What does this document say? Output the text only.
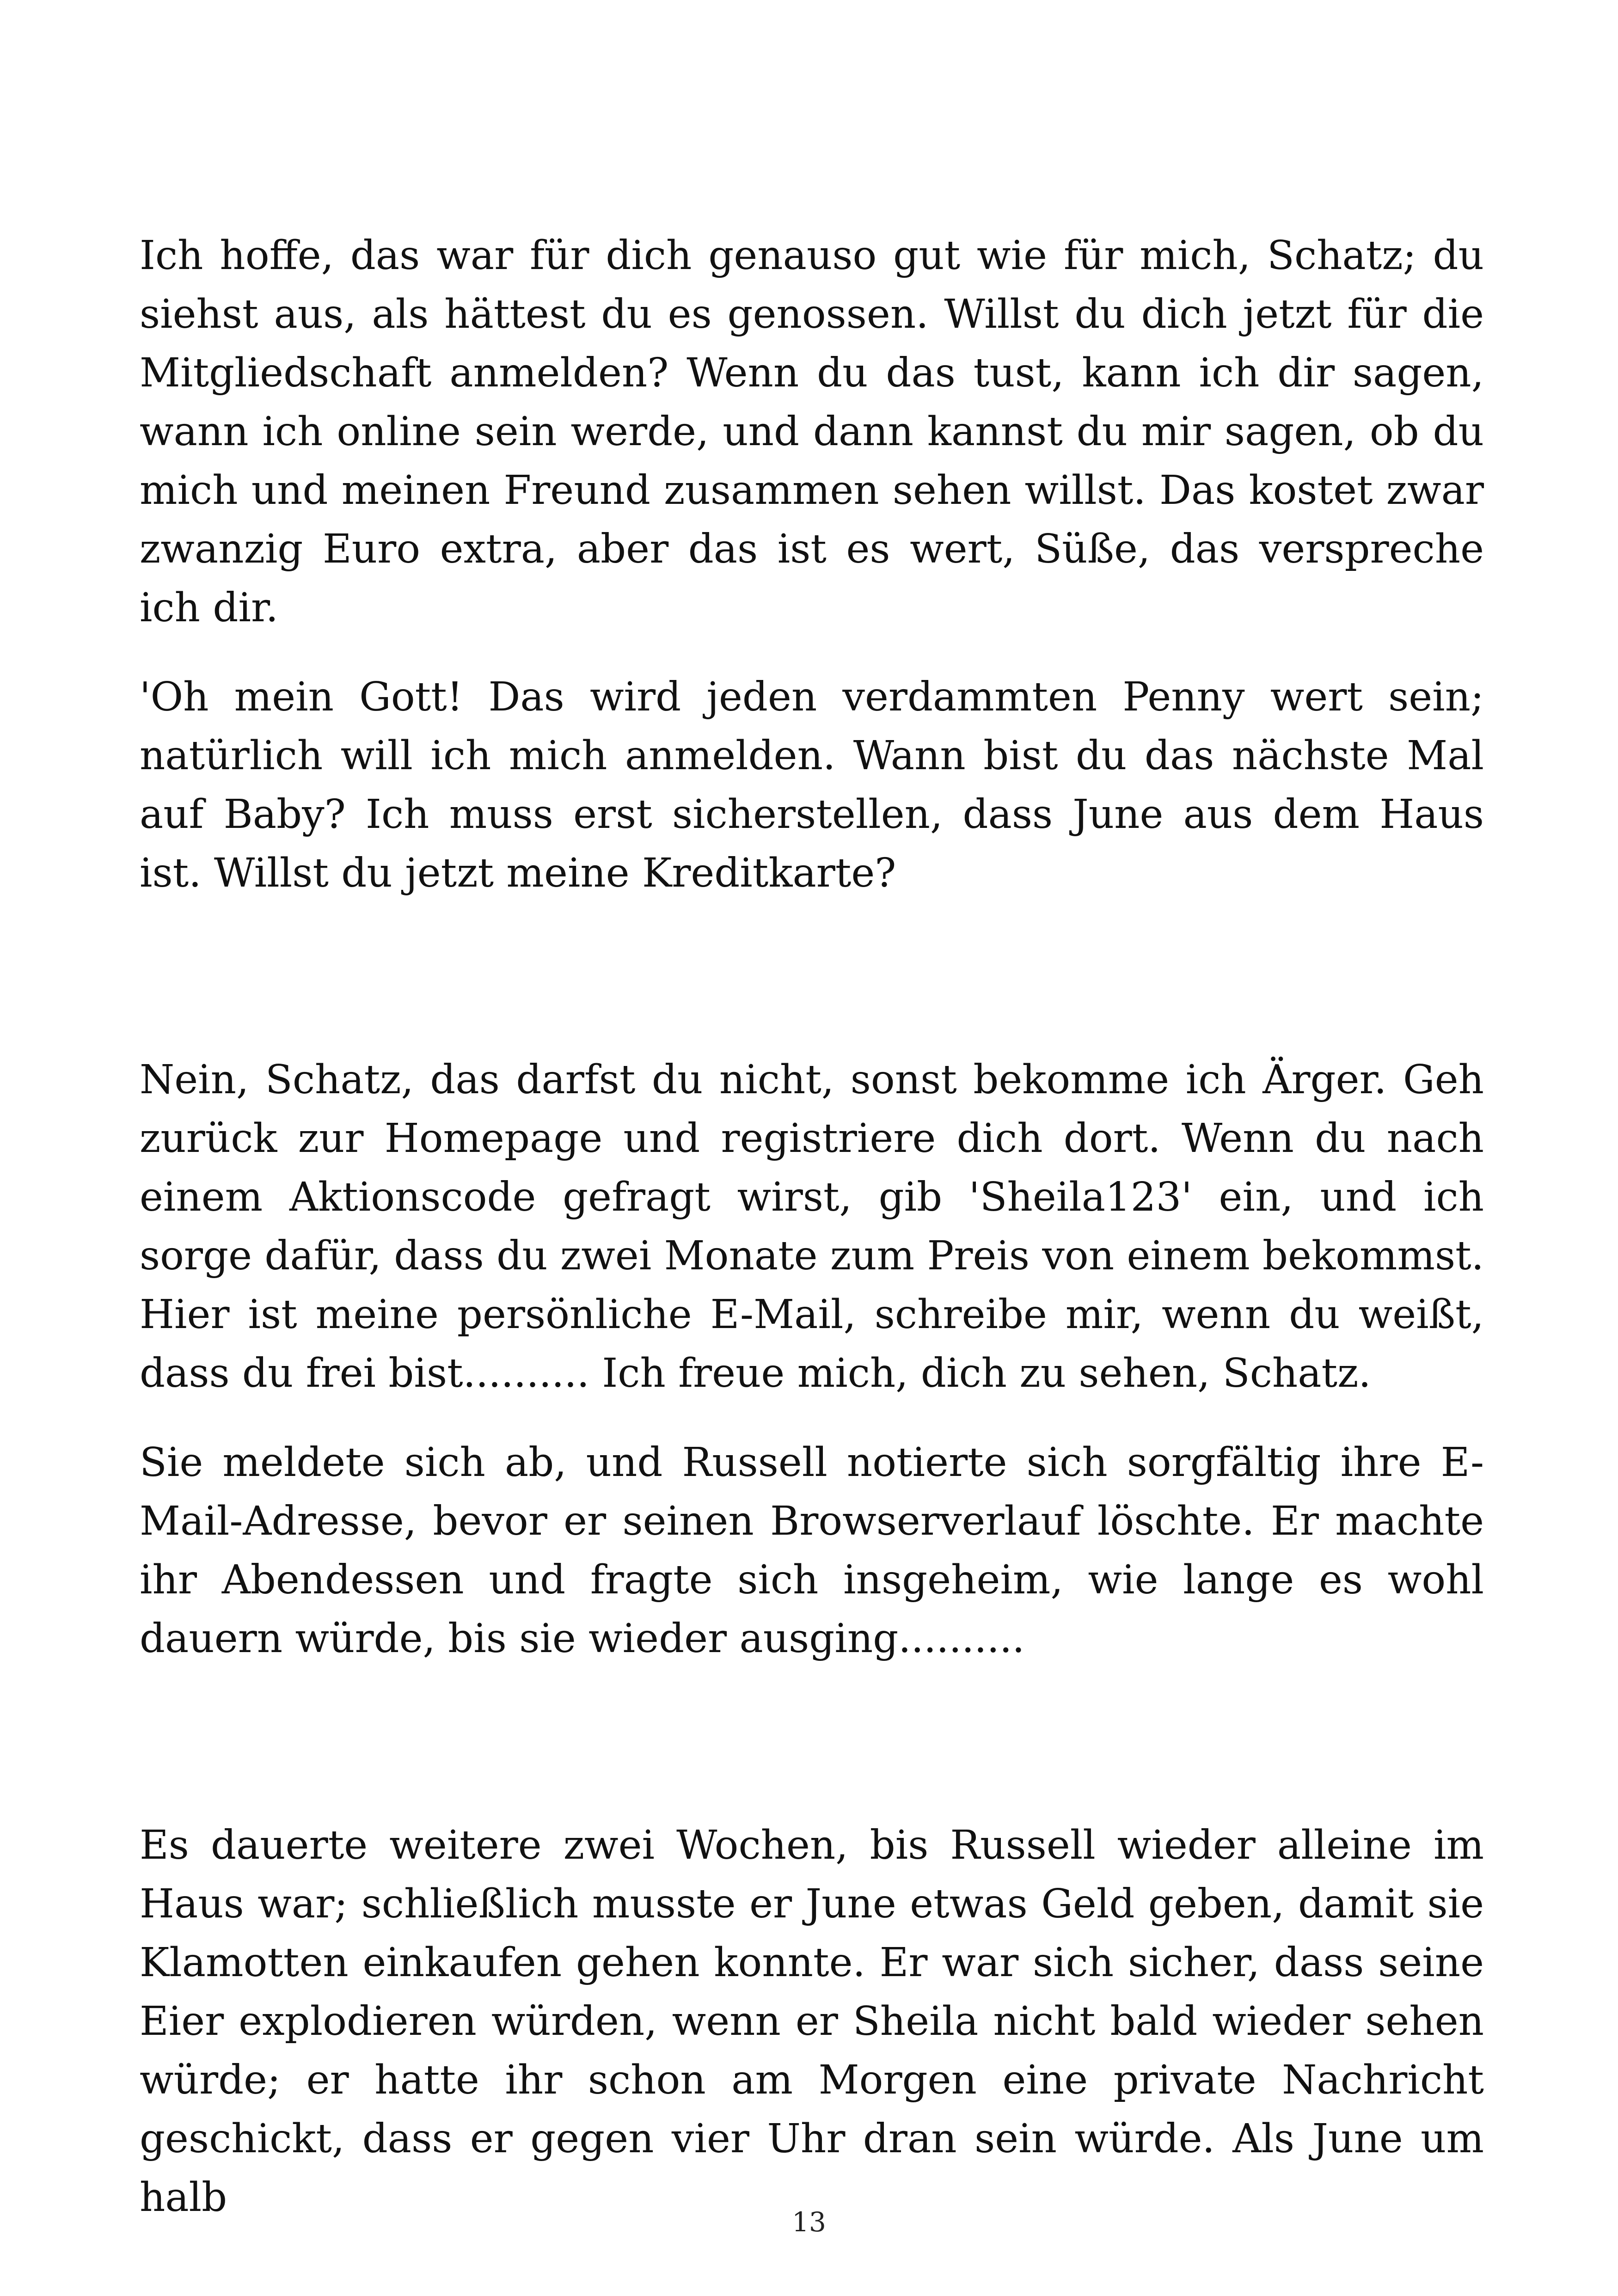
Ich hoffe, das war für dich genauso gut wie für mich, Schatz; du siehst aus, als hättest du es genossen. Willst du dich jetzt für die Mitgliedschaft anmelden? Wenn du das tust, kann ich dir sagen, wann ich online sein werde, und dann kannst du mir sagen, ob du mich und meinen Freund zusammen sehen willst. Das kostet zwar zwanzig Euro extra, aber das ist es wert, Süße, das verspreche ich dir.

'Oh mein Gott! Das wird jeden verdammten Penny wert sein; natürlich will ich mich anmelden. Wann bist du das nächste Mal auf Baby? Ich muss erst sicherstellen, dass June aus dem Haus ist. Willst du jetzt meine Kreditkarte?

Nein, Schatz, das darfst du nicht, sonst bekomme ich Ärger. Geh zurück zur Homepage und registriere dich dort. Wenn du nach einem Aktionscode gefragt wirst, gib 'Sheila123' ein, und ich sorge dafür, dass du zwei Monate zum Preis von einem bekommst. Hier ist meine persönliche E-Mail, schreibe mir, wenn du weißt, dass du frei bist.......... Ich freue mich, dich zu sehen, Schatz.

Sie meldete sich ab, und Russell notierte sich sorgfältig ihre E-Mail-Adresse, bevor er seinen Browserverlauf löschte. Er machte ihr Abendessen und fragte sich insgeheim, wie lange es wohl dauern würde, bis sie wieder ausging..........

Es dauerte weitere zwei Wochen, bis Russell wieder alleine im Haus war; schließlich musste er June etwas Geld geben, damit sie Klamotten einkaufen gehen konnte. Er war sich sicher, dass seine Eier explodieren würden, wenn er Sheila nicht bald wieder sehen würde; er hatte ihr schon am Morgen eine private Nachricht geschickt, dass er gegen vier Uhr dran sein würde. Als June um halb

13
